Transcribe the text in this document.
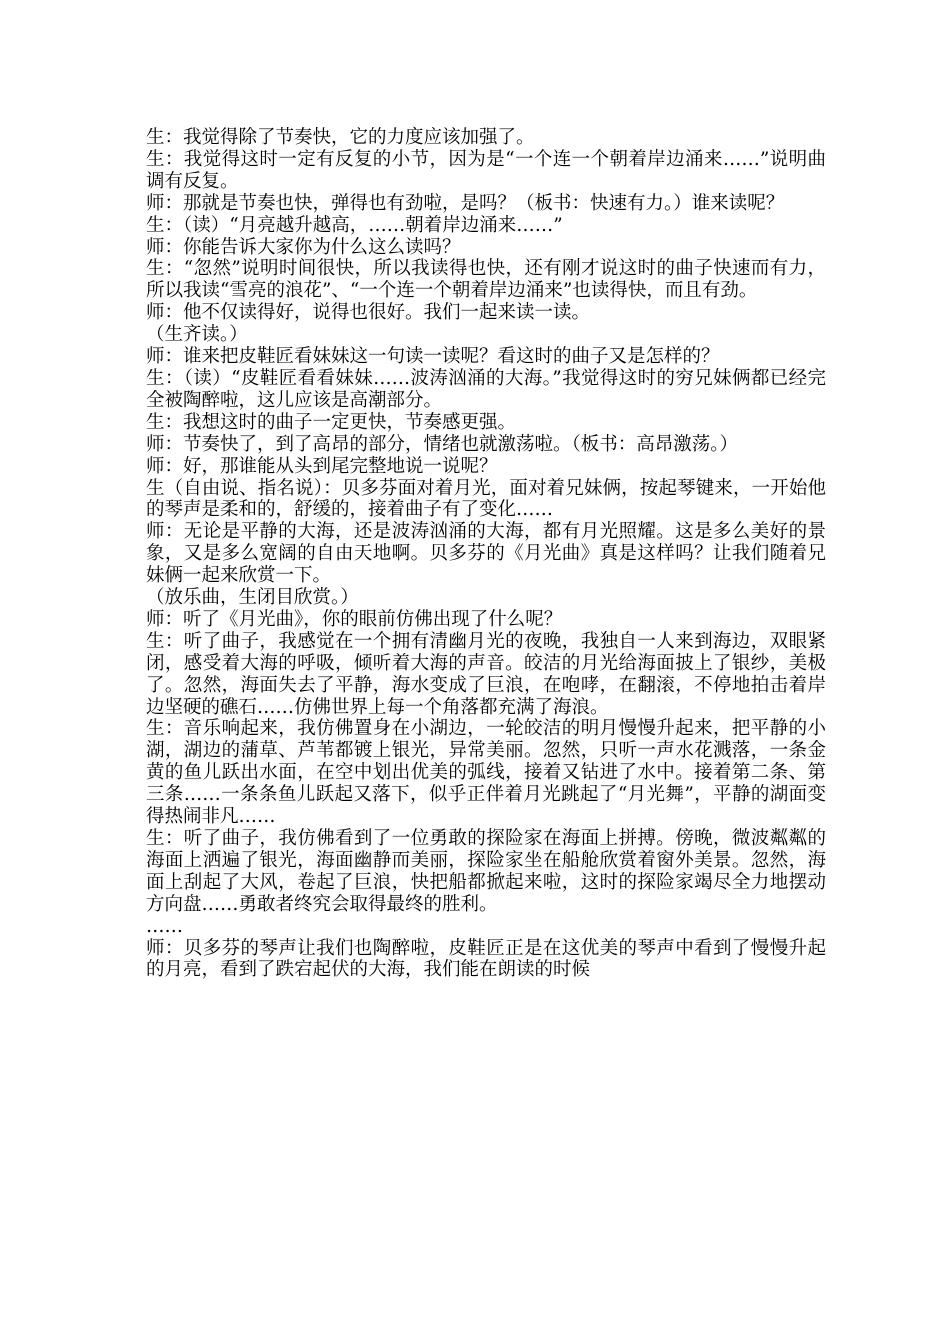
生：我觉得除了节奏快，它的力度应该加强了。

生：我觉得这时一定有反复的小节，因为是“一个连一个朝着岸边涌来……”说明曲调有反复。

师：那就是节奏也快，弹得也有劲啦，是吗？（板书：快速有力。）谁来读呢？

生：（读）“月亮越升越高，……朝着岸边涌来……”

师：你能告诉大家你为什么这么读吗？

生：“忽然”说明时间很快，所以我读得也快，还有刚才说这时的曲子快速而有力，所以我读“雪亮的浪花”、“一个连一个朝着岸边涌来”也读得快，而且有劲。

师：他不仅读得好，说得也很好。我们一起来读一读。

（生齐读。）

师：谁来把皮鞋匠看妹妹这一句读一读呢？看这时的曲子又是怎样的？

生：（读）“皮鞋匠看看妹妹……波涛汹涌的大海。”我觉得这时的穷兄妹俩都已经完全被陶醉啦，这儿应该是高潮部分。

生：我想这时的曲子一定更快，节奏感更强。

师：节奏快了，到了高昂的部分，情绪也就激荡啦。（板书：高昂激荡。）

师：好，那谁能从头到尾完整地说一说呢？

生（自由说、指名说）：贝多芬面对着月光，面对着兄妹俩，按起琴键来，一开始他的琴声是柔和的，舒缓的，接着曲子有了变化……

师：无论是平静的大海，还是波涛汹涌的大海，都有月光照耀。这是多么美好的景象，又是多么宽阔的自由天地啊。贝多芬的《月光曲》真是这样吗？让我们随着兄妹俩一起来欣赏一下。

（放乐曲，生闭目欣赏。）

师：听了《月光曲》，你的眼前仿佛出现了什么呢？

生：听了曲子，我感觉在一个拥有清幽月光的夜晚，我独自一人来到海边，双眼紧闭，感受着大海的呼吸，倾听着大海的声音。皎洁的月光给海面披上了银纱，美极了。忽然，海面失去了平静，海水变成了巨浪，在咆哮，在翻滚，不停地拍击着岸边坚硬的礁石……仿佛世界上每一个角落都充满了海浪。

生：音乐响起来，我仿佛置身在小湖边，一轮皎洁的明月慢慢升起来，把平静的小湖，湖边的蒲草、芦苇都镀上银光，异常美丽。忽然，只听一声水花溅落，一条金黄的鱼儿跃出水面，在空中划出优美的弧线，接着又钻进了水中。接着第二条、第三条……一条条鱼儿跃起又落下，似乎正伴着月光跳起了“月光舞”，平静的湖面变得热闹非凡……

生：听了曲子，我仿佛看到了一位勇敢的探险家在海面上拼搏。傍晚，微波粼粼的海面上洒遍了银光，海面幽静而美丽，探险家坐在船舱欣赏着窗外美景。忽然，海面上刮起了大风，卷起了巨浪，快把船都掀起来啦，这时的探险家竭尽全力地摆动方向盘……勇敢者终究会取得最终的胜利。

……

师：贝多芬的琴声让我们也陶醉啦，皮鞋匠正是在这优美的琴声中看到了慢慢升起的月亮，看到了跌宕起伏的大海，我们能在朗读的时候
